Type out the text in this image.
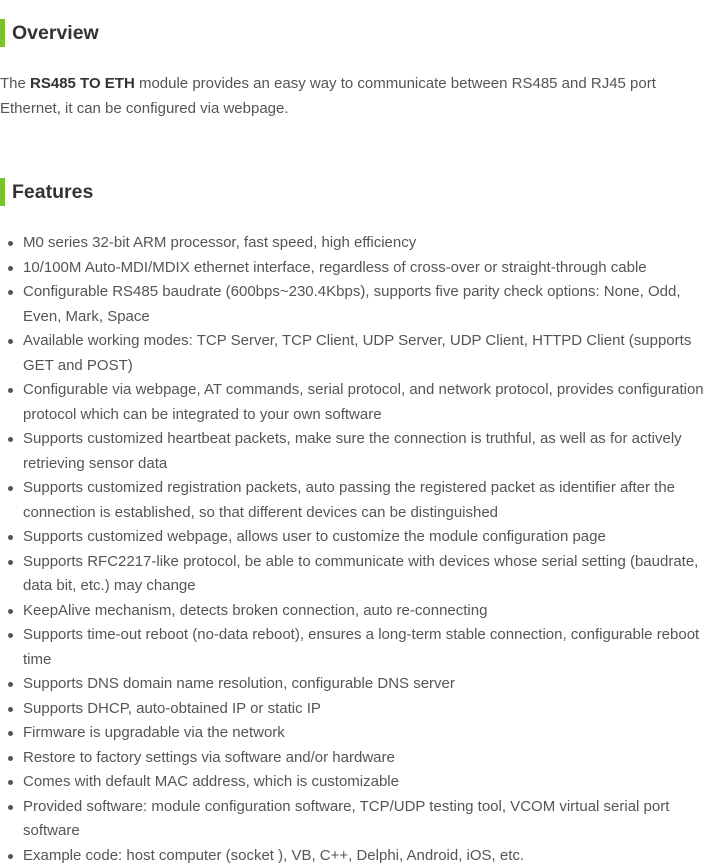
Overview

The RS485 TO ETH module provides an easy way to communicate between RS485 and RJ45 port Ethernet, it can be configured via webpage.

Features
M0 series 32-bit ARM processor, fast speed, high efficiency
10/100M Auto-MDI/MDIX ethernet interface, regardless of cross-over or straight-through cable
Configurable RS485 baudrate (600bps~230.4Kbps), supports five parity check options: None, Odd, Even, Mark, Space
Available working modes: TCP Server, TCP Client, UDP Server, UDP Client, HTTPD Client (supports GET and POST)
Configurable via webpage, AT commands, serial protocol, and network protocol, provides configuration protocol which can be integrated to your own software
Supports customized heartbeat packets, make sure the connection is truthful, as well as for actively retrieving sensor data
Supports customized registration packets, auto passing the registered packet as identifier after the connection is established, so that different devices can be distinguished
Supports customized webpage, allows user to customize the module configuration page
Supports RFC2217-like protocol, be able to communicate with devices whose serial setting (baudrate, data bit, etc.) may change
KeepAlive mechanism, detects broken connection, auto re-connecting
Supports time-out reboot (no-data reboot), ensures a long-term stable connection, configurable reboot time
Supports DNS domain name resolution, configurable DNS server
Supports DHCP, auto-obtained IP or static IP
Firmware is upgradable via the network
Restore to factory settings via software and/or hardware
Comes with default MAC address, which is customizable
Provided software: module configuration software, TCP/UDP testing tool, VCOM virtual serial port software
Example code: host computer (socket ), VB, C++, Delphi, Android, iOS, etc.
